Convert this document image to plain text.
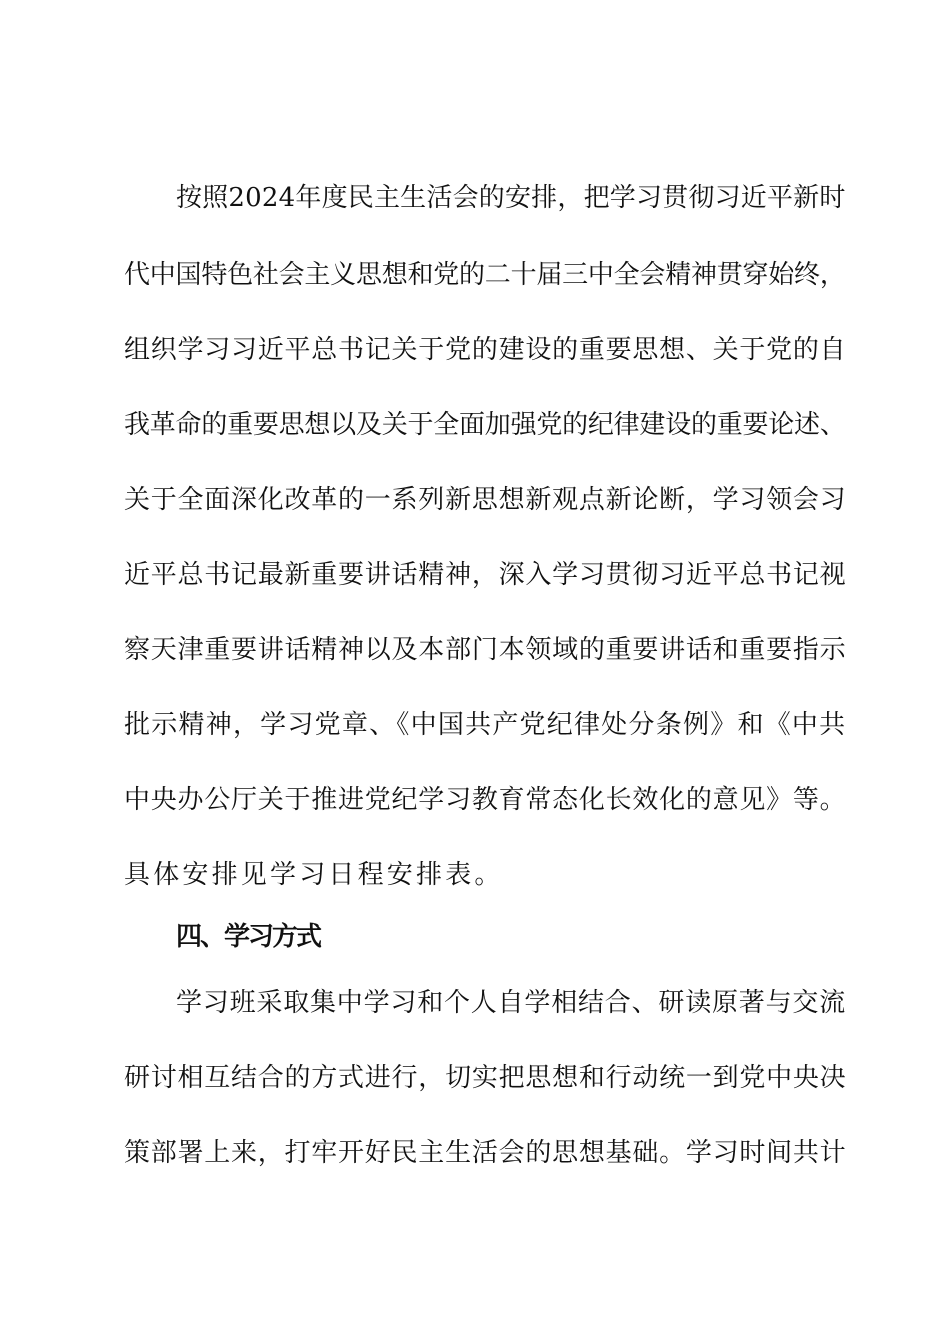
按照2024年度民主生活会的安排，把学习贯彻习近平新时
代中国特色社会主义思想和党的二十届三中全会精神贯穿始终，
组织学习习近平总书记关于党的建设的重要思想、关于党的自
我革命的重要思想以及关于全面加强党的纪律建设的重要论述、
关于全面深化改革的一系列新思想新观点新论断，学习领会习
近平总书记最新重要讲话精神，深入学习贯彻习近平总书记视
察天津重要讲话精神以及本部门本领域的重要讲话和重要指示
批示精神，学习党章、《中国共产党纪律处分条例》和《中共
中央办公厅关于推进党纪学习教育常态化长效化的意见》等。
具体安排见学习日程安排表。
四、学习方式
学习班采取集中学习和个人自学相结合、研读原著与交流
研讨相互结合的方式进行，切实把思想和行动统一到党中央决
策部署上来，打牢开好民主生活会的思想基础。学习时间共计
